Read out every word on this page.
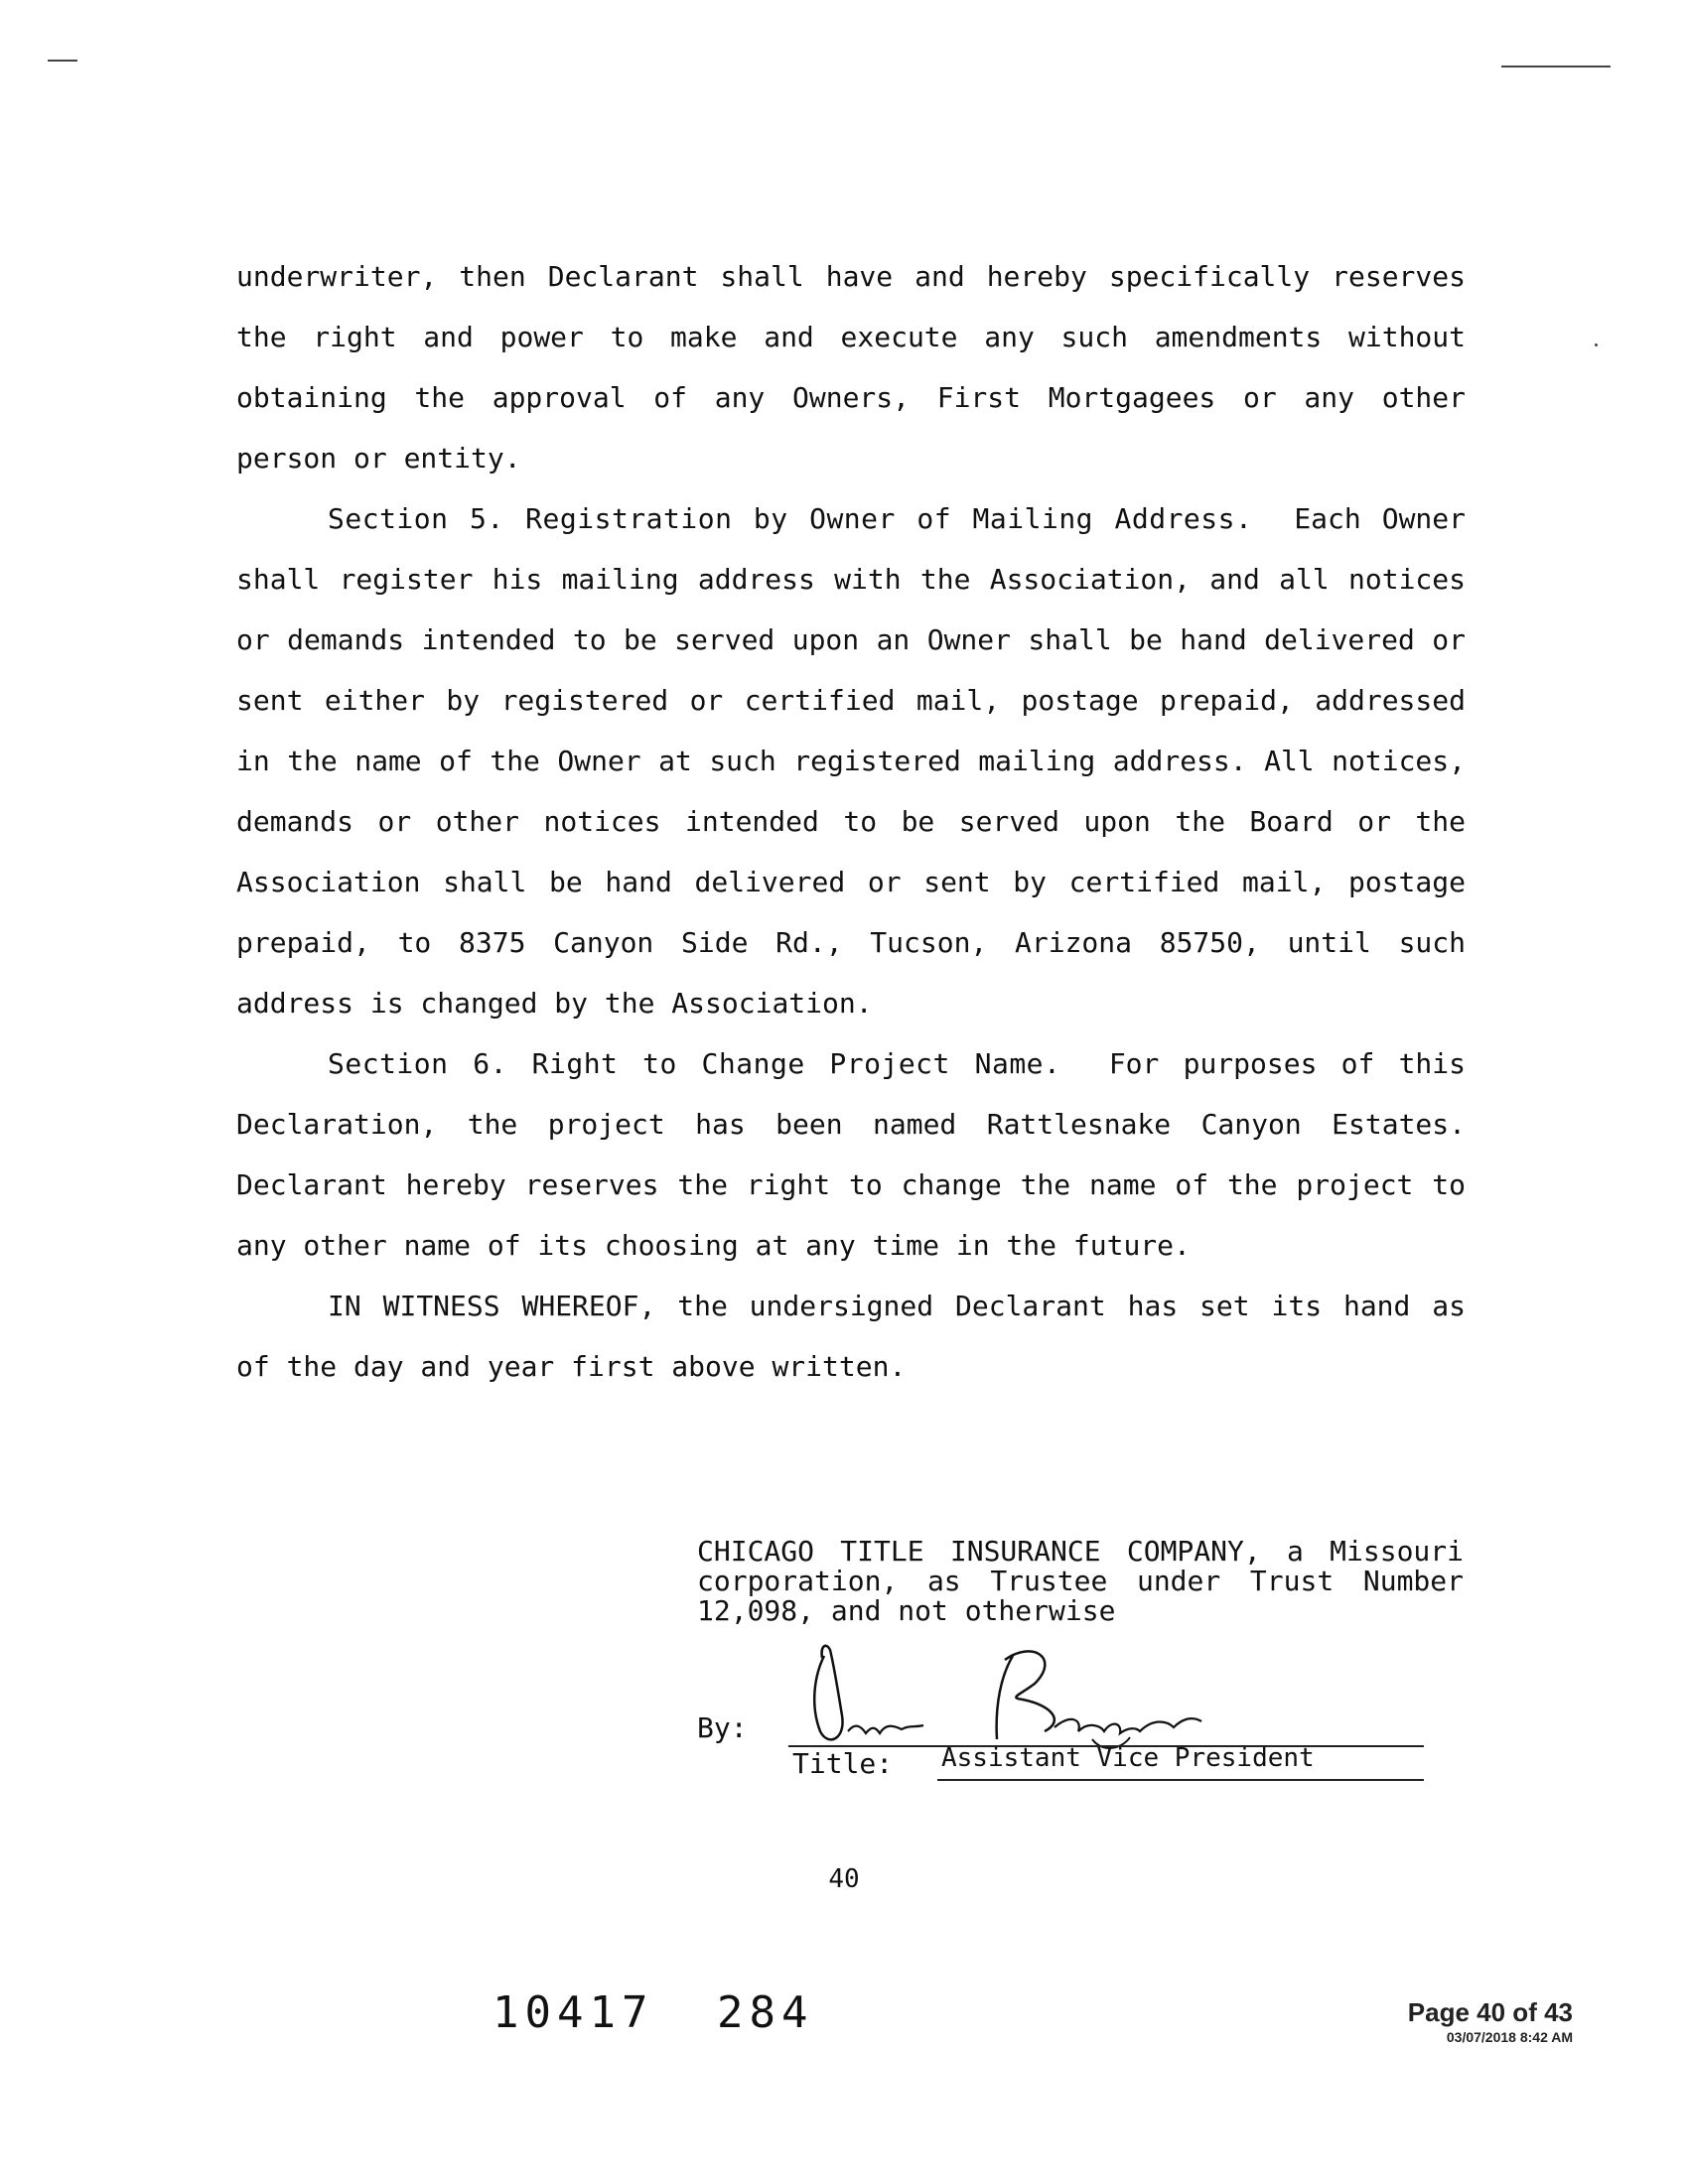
underwriter, then Declarant shall have and hereby specifically reserves the right and power to make and execute any such amendments without obtaining the approval of any Owners, First Mortgagees or any other person or entity.

Section 5. Registration by Owner of Mailing Address. Each Owner shall register his mailing address with the Association, and all notices or demands intended to be served upon an Owner shall be hand delivered or sent either by registered or certified mail, postage prepaid, addressed in the name of the Owner at such registered mailing address. All notices, demands or other notices intended to be served upon the Board or the Association shall be hand delivered or sent by certified mail, postage prepaid, to 8375 Canyon Side Rd., Tucson, Arizona 85750, until such address is changed by the Association.

Section 6. Right to Change Project Name. For purposes of this Declaration, the project has been named Rattlesnake Canyon Estates. Declarant hereby reserves the right to change the name of the project to any other name of its choosing at any time in the future.

IN WITNESS WHEREOF, the undersigned Declarant has set its hand as of the day and year first above written.

CHICAGO TITLE INSURANCE COMPANY, a Missouri corporation, as Trustee under Trust Number 12,098, and not otherwise
By:
Title: Assistant Vice President
40
10417 284	Page 40 of 43
03/07/2018 8:42 AM
